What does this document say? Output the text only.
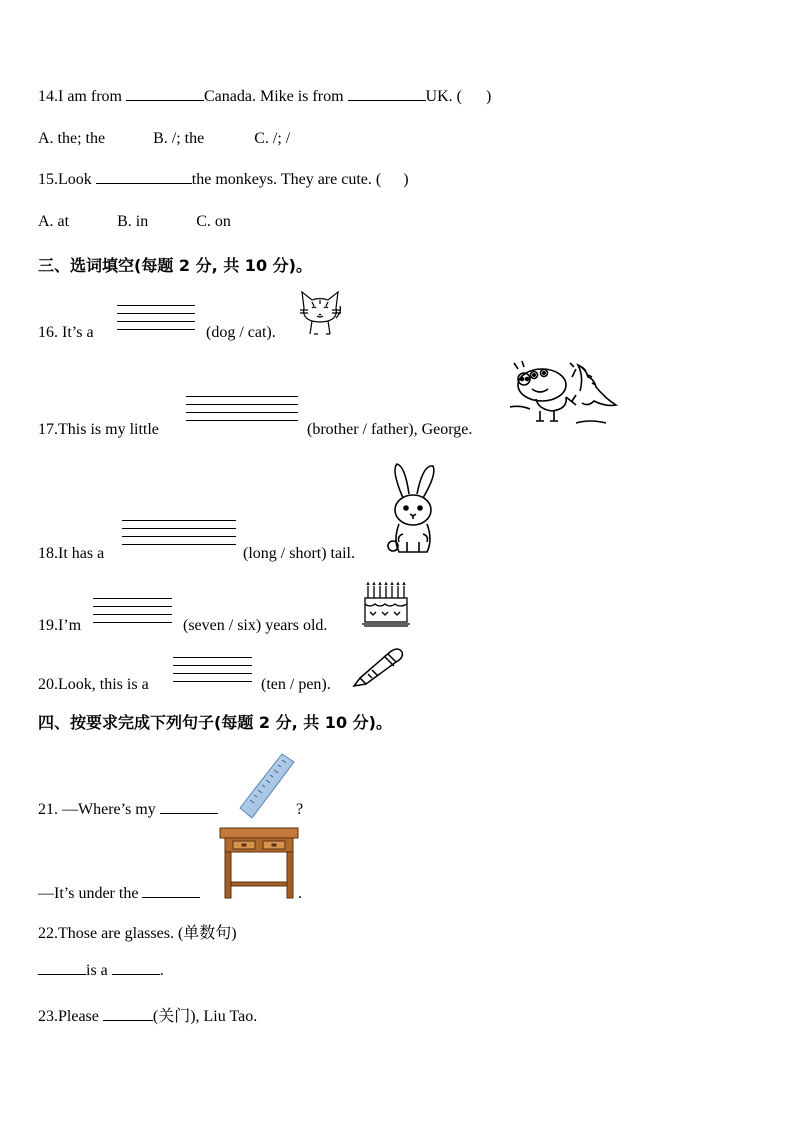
14.I am from	Canada. Mike is from	UK. ( )
A. the; the	B. /; the	C. /; /
15.Look	the monkeys. They are cute. ( )
A. at	B. in	C. on
三、选词填空(每题 2 分, 共 10 分)。
16. It’s a	(dog / cat).
17.This is my little	(brother / father), George.
18.It has a	(long / short) tail.
19.I’m	(seven / six) years old.
20.Look, this is a	(ten / pen).
四、按要求完成下列句子(每题 2 分, 共 10 分)。
21. —Where’s my	?
—It’s under the	.
22.Those are glasses. (单数句)
is a	.
23.Please	(关门), Liu Tao.
